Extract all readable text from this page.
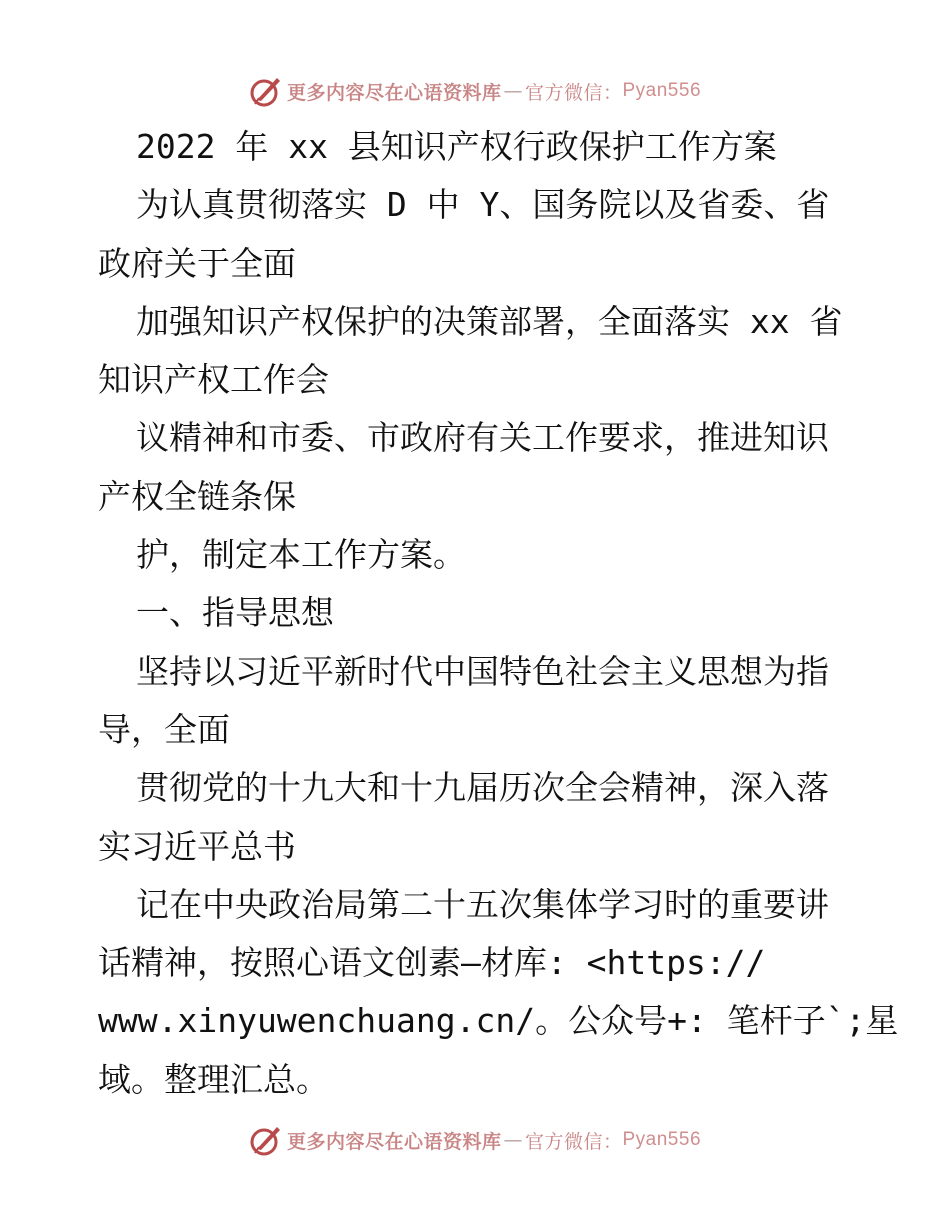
更多内容尽在心语资料库 — 官方微信： Pyan556
2022 年 xx 县知识产权行政保护工作方案
为认真贯彻落实 D 中 Y、国务院以及省委、省
政府关于全面
加强知识产权保护的决策部署，全面落实 xx 省
知识产权工作会
议精神和市委、市政府有关工作要求，推进知识
产权全链条保
护，制定本工作方案。
一、指导思想
坚持以习近平新时代中国特色社会主义思想为指
导，全面
贯彻党的十九大和十九届历次全会精神，深入落
实习近平总书
记在中央政治局第二十五次集体学习时的重要讲
话精神，按照心语文创素—材库: <https://
www.xinyuwenchuang.cn/。公众号+: 笔杆子`;星
域。整理汇总。
更多内容尽在心语资料库 — 官方微信： Pyan556
